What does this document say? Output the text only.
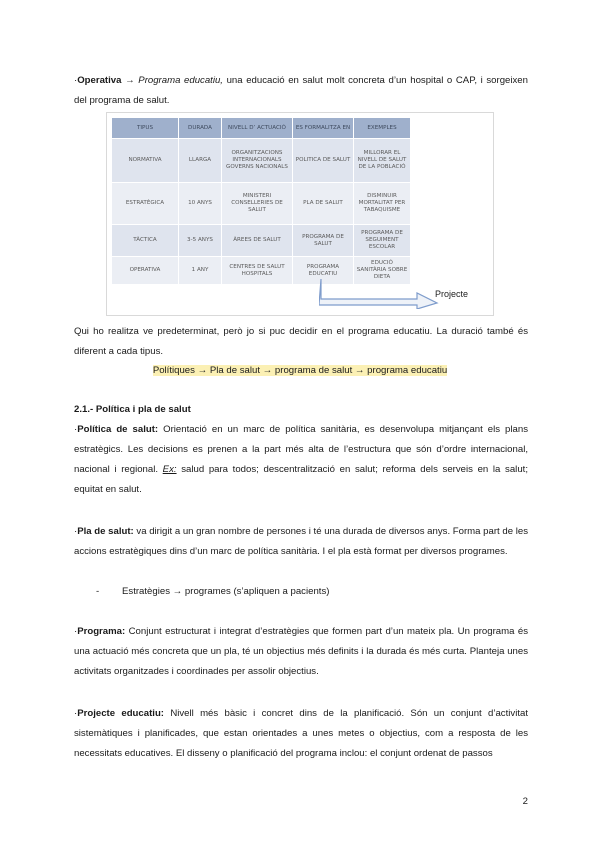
·Operativa → Programa educatiu, una educació en salut molt concreta d’un hospital o CAP, i sorgeixen del programa de salut.
TIPUS	DURADA	NIVELL D’ ACTUACIÓ	ES FORMALITZA EN	EXEMPLES
NORMATIVA	LLARGA	ORGANITZACIONS INTERNACIONALS GOVERNS NACIONALS	POLITICA DE SALUT	MILLORAR EL NIVELL DE SALUT DE LA POBLACIÓ
ESTRATÈGICA	10 ANYS	MINISTERI CONSELLERIES DE SALUT	PLA DE SALUT	DISMINUIR MORTALITAT PER TABAQUISME
TÀCTICA	3-5 ANYS	ÀREES DE SALUT	PROGRAMA DE SALUT	PROGRAMA DE SEGUIMENT ESCOLAR
OPERATIVA	1 ANY	CENTRES DE SALUT HOSPITALS	PROGRAMA EDUCATIU	EDUCIÓ SANITÀRIA SOBRE DIETA
Projecte
Qui ho realitza ve predeterminat, però jo si puc decidir en el programa educatiu. La duració també és diferent a cada tipus.
Polítiques → Pla de salut → programa de salut → programa educatiu
2.1.- Política i pla de salut
·Política de salut: Orientació en un marc de política sanitària, es desenvolupa mitjançant els plans estratègics. Les decisions es prenen a la part més alta de l’estructura que són d’ordre internacional, nacional i regional. Ex: salud para todos; descentralització en salut; reforma dels serveis en la salut; equitat en salut.
·Pla de salut: va dirigit a un gran nombre de persones i té una durada de diversos anys. Forma part de les accions estratègiques dins d’un marc de política sanitària. I el pla està format per diversos programes.
- Estratègies → programes (s’apliquen a pacients)
·Programa: Conjunt estructurat i integrat d’estratègies que formen part d’un mateix pla. Un programa és una actuació més concreta que un pla, té un objectius més definits i la durada és més curta. Planteja unes activitats organitzades i coordinades per assolir objectius.
·Projecte educatiu: Nivell més bàsic i concret dins de la planificació. Són un conjunt d’activitat sistemàtiques i planificades, que estan orientades a unes metes o objectius, com a resposta de les necessitats educatives. El disseny o planificació del programa inclou: el conjunt ordenat de passos
2
